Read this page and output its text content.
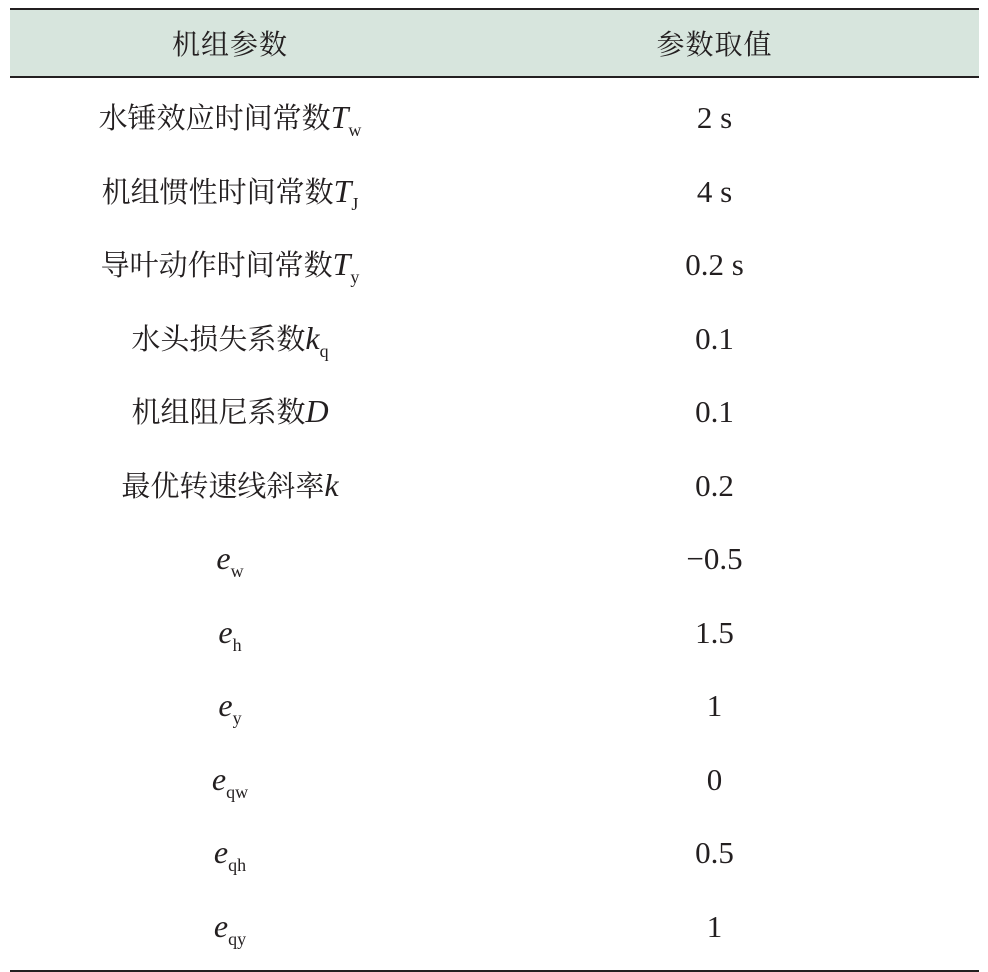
机组参数	参数取值
水锤效应时间常数$T_w$	2 s
机组惯性时间常数$T_J$	4 s
导叶动作时间常数$T_y$	0.2 s
水头损失系数$k_q$	0.1
机组阻尼系数D	0.1
最优转速线斜率k	0.2
$e_w$	−0.5
$e_h$	1.5
$e_y$	1
$e_{qw}$	0
$e_{qh}$	0.5
$e_{qy}$	1
